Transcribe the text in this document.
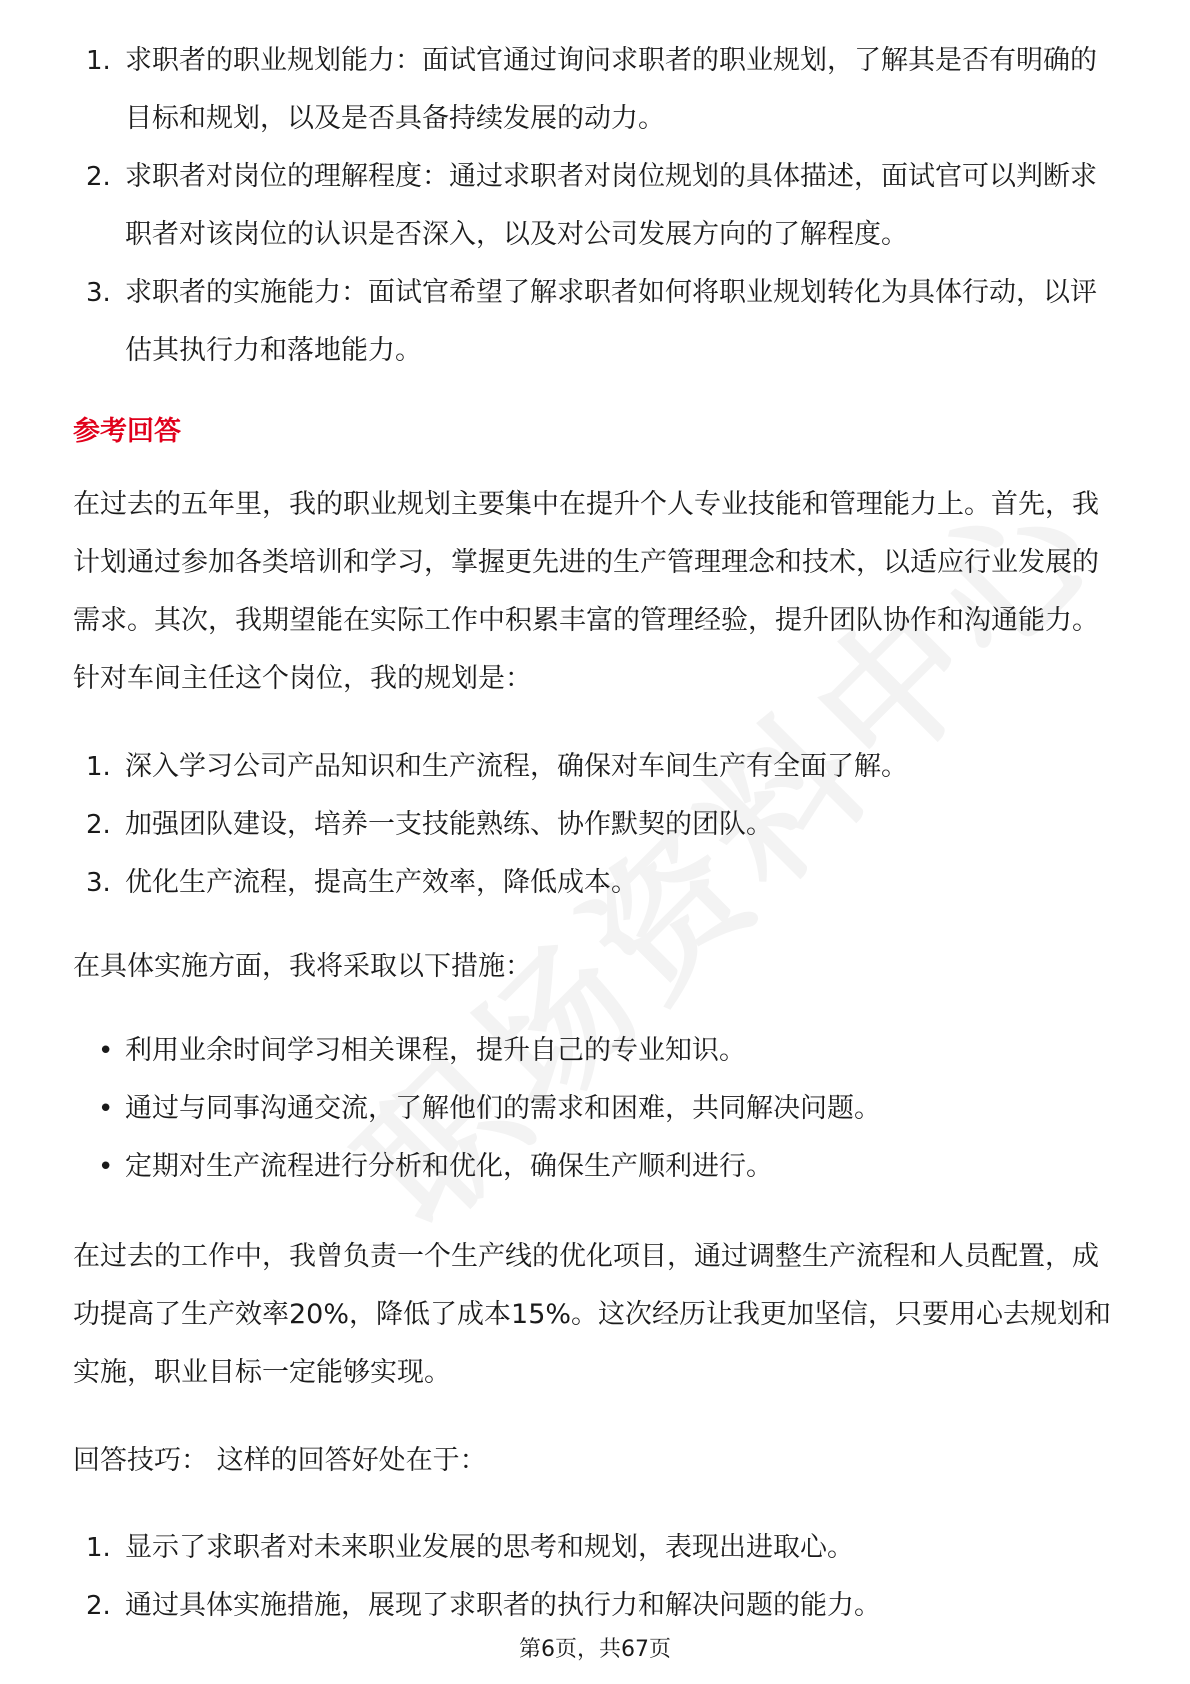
1. 求职者的职业规划能力：面试官通过询问求职者的职业规划，了解其是否有明确的目标和规划，以及是否具备持续发展的动力。
2. 求职者对岗位的理解程度：通过求职者对岗位规划的具体描述，面试官可以判断求职者对该岗位的认识是否深入，以及对公司发展方向的了解程度。
3. 求职者的实施能力：面试官希望了解求职者如何将职业规划转化为具体行动，以评估其执行力和落地能力。
参考回答
在过去的五年里，我的职业规划主要集中在提升个人专业技能和管理能力上。首先，我计划通过参加各类培训和学习，掌握更先进的生产管理理念和技术，以适应行业发展的需求。其次，我期望能在实际工作中积累丰富的管理经验，提升团队协作和沟通能力。针对车间主任这个岗位，我的规划是：
1. 深入学习公司产品知识和生产流程，确保对车间生产有全面了解。
2. 加强团队建设，培养一支技能熟练、协作默契的团队。
3. 优化生产流程，提高生产效率，降低成本。
在具体实施方面，我将采取以下措施：
• 利用业余时间学习相关课程，提升自己的专业知识。
• 通过与同事沟通交流，了解他们的需求和困难，共同解决问题。
• 定期对生产流程进行分析和优化，确保生产顺利进行。
在过去的工作中，我曾负责一个生产线的优化项目，通过调整生产流程和人员配置，成功提高了生产效率20%，降低了成本15%。这次经历让我更加坚信，只要用心去规划和实施，职业目标一定能够实现。
回答技巧： 这样的回答好处在于：
1. 显示了求职者对未来职业发展的思考和规划，表现出进取心。
2. 通过具体实施措施，展现了求职者的执行力和解决问题的能力。
第6页，共67页
